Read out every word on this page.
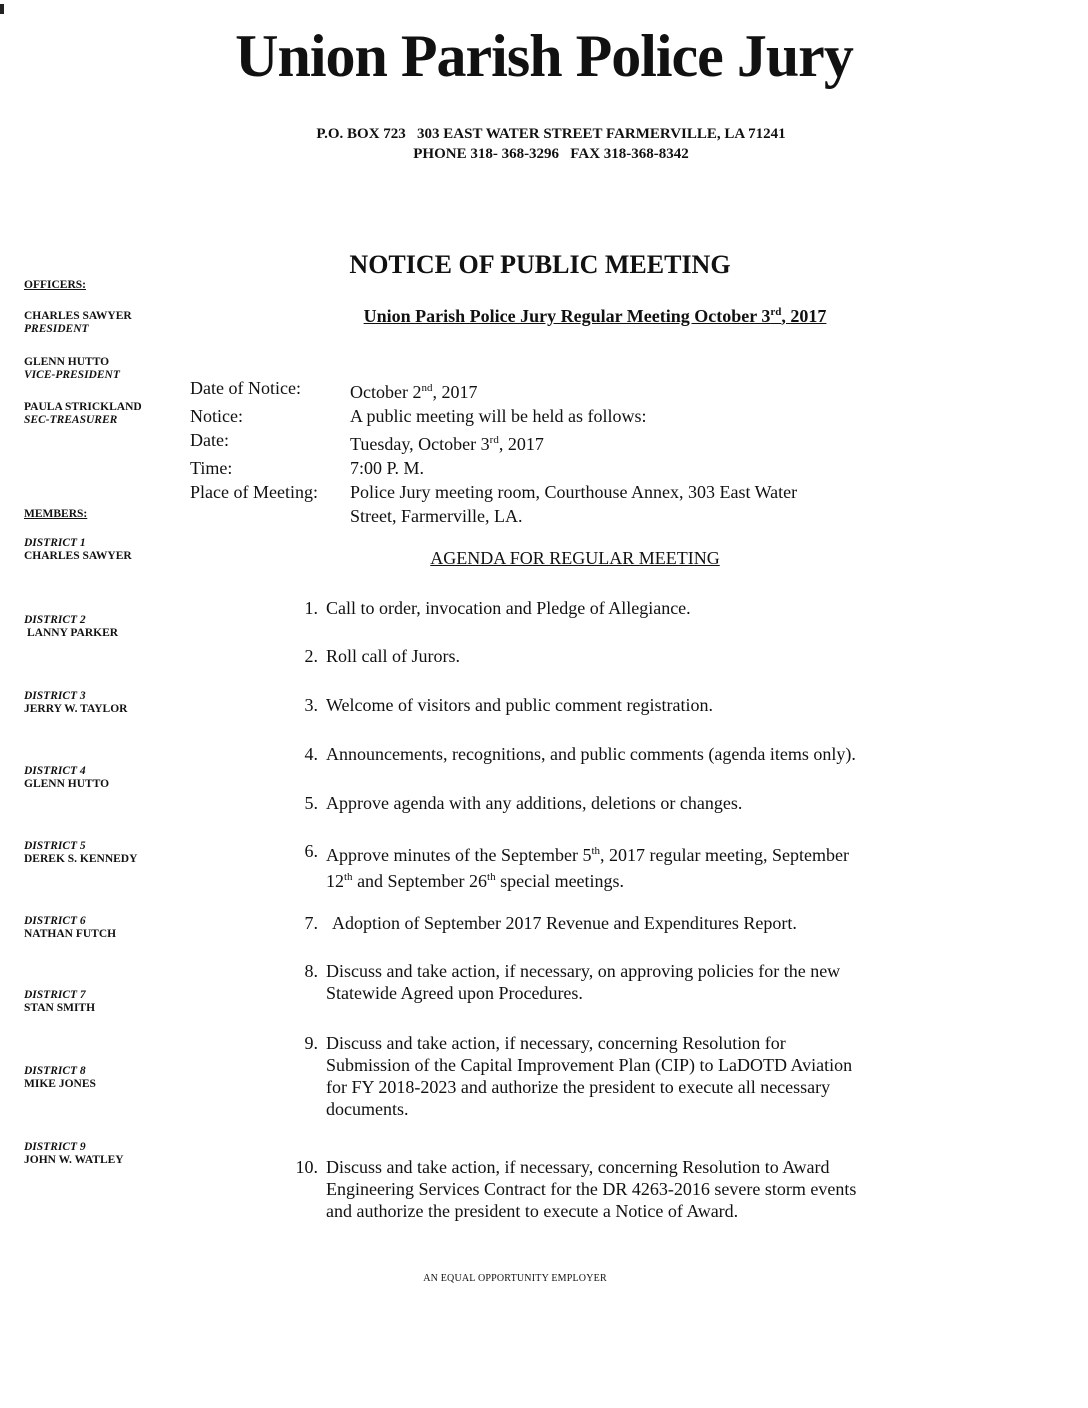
Union Parish Police Jury
P.O. BOX 723   303 EAST WATER STREET FARMERVILLE, LA 71241
PHONE 318- 368-3296   FAX 318-368-8342
NOTICE OF PUBLIC MEETING
Union Parish Police Jury Regular Meeting October 3rd, 2017
OFFICERS:
CHARLES SAWYER
PRESIDENT
GLENN HUTTO
VICE-PRESIDENT
PAULA STRICKLAND
SEC-TREASURER
MEMBERS:
DISTRICT 1
CHARLES SAWYER
DISTRICT 2
LANNY PARKER
DISTRICT 3
JERRY W. TAYLOR
DISTRICT 4
GLENN HUTTO
DISTRICT 5
DEREK S. KENNEDY
DISTRICT 6
NATHAN FUTCH
DISTRICT 7
STAN SMITH
DISTRICT 8
MIKE JONES
DISTRICT 9
JOHN W. WATLEY
Date of Notice:	October 2nd, 2017
Notice:	A public meeting will be held as follows:
Date:	Tuesday, October 3rd, 2017
Time:	7:00 P. M.
Place of Meeting:	Police Jury meeting room, Courthouse Annex, 303 East Water
Street, Farmerville, LA.
AGENDA FOR REGULAR MEETING
1. Call to order, invocation and Pledge of Allegiance.
2. Roll call of Jurors.
3. Welcome of visitors and public comment registration.
4. Announcements, recognitions, and public comments (agenda items only).
5. Approve agenda with any additions, deletions or changes.
6. Approve minutes of the September 5th, 2017 regular meeting, September
12th and September 26th special meetings.
7. Adoption of September 2017 Revenue and Expenditures Report.
8. Discuss and take action, if necessary, on approving policies for the new
Statewide Agreed upon Procedures.
9. Discuss and take action, if necessary, concerning Resolution for
Submission of the Capital Improvement Plan (CIP) to LaDOTD Aviation
for FY 2018-2023 and authorize the president to execute all necessary
documents.
10. Discuss and take action, if necessary, concerning Resolution to Award
Engineering Services Contract for the DR 4263-2016 severe storm events
and authorize the president to execute a Notice of Award.
AN EQUAL OPPORTUNITY EMPLOYER
